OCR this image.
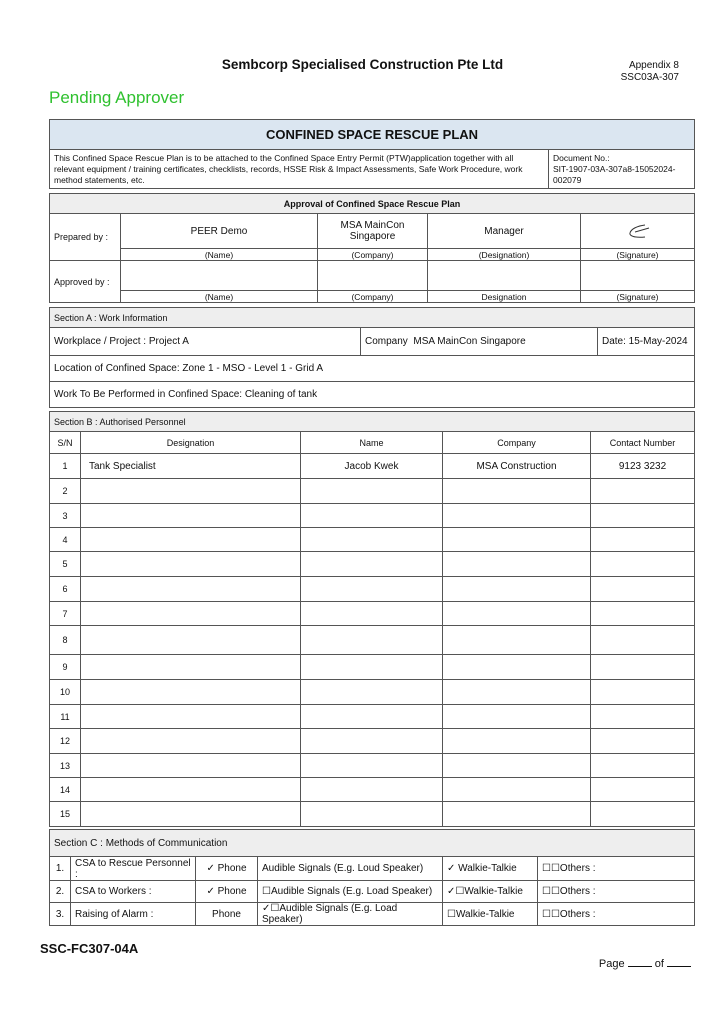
Sembcorp Specialised Construction Pte Ltd	Appendix 8
SSC03A-307
Pending Approver
CONFINED SPACE RESCUE PLAN
This Confined Space Rescue Plan is to be attached to the Confined Space Entry Permit (PTW)application together with all relevant equipment / training certificates, checklists, records, HSSE Risk & Impact Assessments, Safe Work Procedure, work method statements, etc.	
Document No.:
SIT-1907-03A-307a8-15052024-002079
Approval of Confined Space Rescue Plan				
Prepared by :	PEER Demo	MSA MainCon Singapore	Manager	

	(Name)	(Company)	(Designation)	(Signature)
Approved by :				
	(Name)	(Company)	Designation	(Signature)
Section A : Work Information
Workplace / Project : Project A	Company MSA MainCon Singapore	Date: 15-May-2024
Location of Confined Space: Zone 1 - MSO - Level 1 - Grid A
Work To Be Performed in Confined Space: Cleaning of tank
Section B : Authorised Personnel				
S/N	Designation	Name	Company	Contact Number
1	Tank Specialist	Jacob Kwek	MSA Construction	9123 3232
2				
3				
4				
5				
6				
7				
8				
9				
10				
11				
12				
13				
14				
15				
Section C : Methods of Communication					
1.	CSA to Rescue Personnel :	✓ Phone	Audible Signals (E.g. Loud Speaker)	✓ Walkie-Talkie	☐☐Others :
2.	CSA to Workers :	✓ Phone	☐Audible Signals (E.g. Load Speaker)	✓☐Walkie-Talkie	☐☐Others :
3.	Raising of Alarm :	Phone	✓☐Audible Signals (E.g. Load Speaker)	☐Walkie-Talkie	☐☐Others :
SSC-FC307-04A
Page	of
